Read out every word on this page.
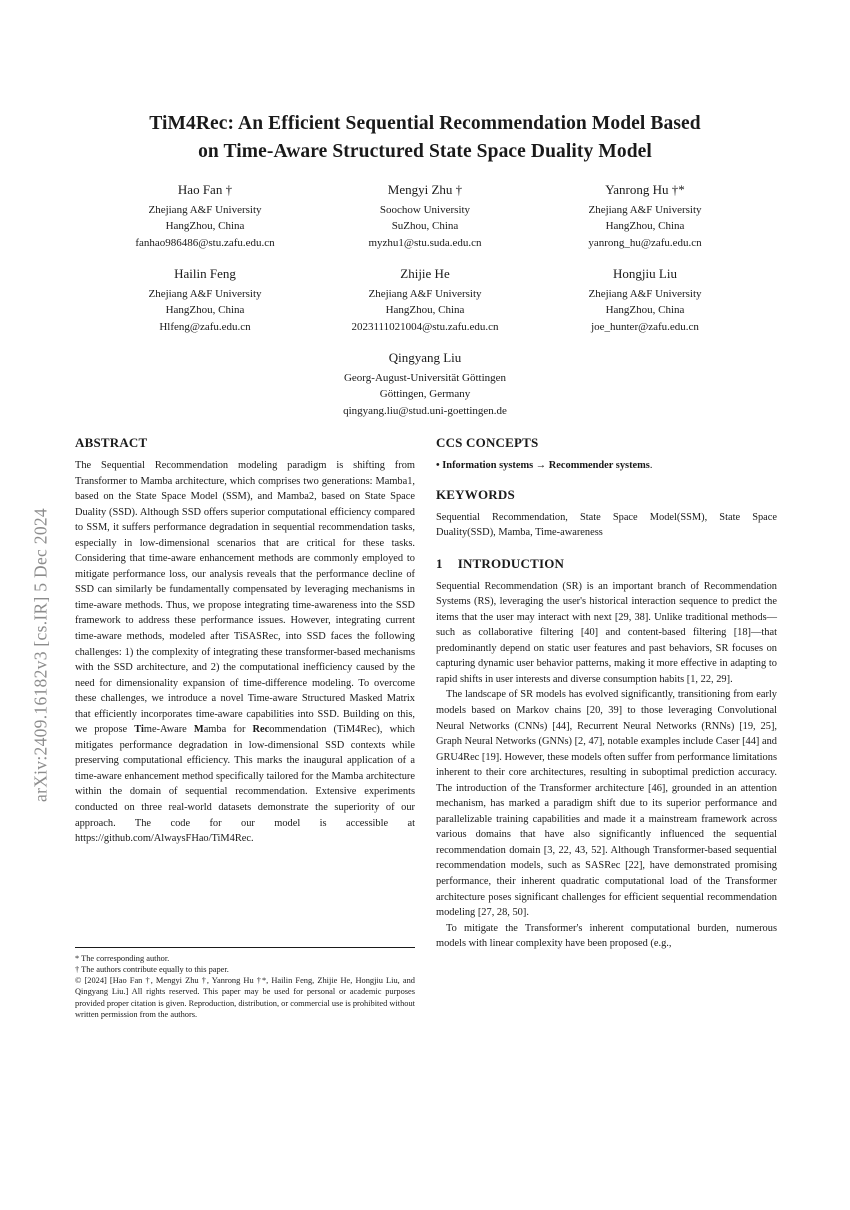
arXiv:2409.16182v3 [cs.IR] 5 Dec 2024
TiM4Rec: An Efficient Sequential Recommendation Model Based
on Time-Aware Structured State Space Duality Model
Hao Fan †
Zhejiang A&F University
HangZhou, China
fanhao986486@stu.zafu.edu.cn
Mengyi Zhu †
Soochow University
SuZhou, China
myzhu1@stu.suda.edu.cn
Yanrong Hu †*
Zhejiang A&F University
HangZhou, China
yanrong_hu@zafu.edu.cn
Hailin Feng
Zhejiang A&F University
HangZhou, China
Hlfeng@zafu.edu.cn
Zhijie He
Zhejiang A&F University
HangZhou, China
2023111021004@stu.zafu.edu.cn
Hongjiu Liu
Zhejiang A&F University
HangZhou, China
joe_hunter@zafu.edu.cn
Qingyang Liu
Georg-August-Universität Göttingen
Göttingen, Germany
qingyang.liu@stud.uni-goettingen.de
ABSTRACT
The Sequential Recommendation modeling paradigm is shifting from Transformer to Mamba architecture, which comprises two generations: Mamba1, based on the State Space Model (SSM), and Mamba2, based on State Space Duality (SSD). Although SSD offers superior computational efficiency compared to SSM, it suffers performance degradation in sequential recommendation tasks, especially in low-dimensional scenarios that are critical for these tasks. Considering that time-aware enhancement methods are commonly employed to mitigate performance loss, our analysis reveals that the performance decline of SSD can similarly be fundamentally compensated by leveraging mechanisms in time-aware methods. Thus, we propose integrating time-awareness into the SSD framework to address these performance issues. However, integrating current time-aware methods, modeled after TiSASRec, into SSD faces the following challenges: 1) the complexity of integrating these transformer-based mechanisms with the SSD architecture, and 2) the computational inefficiency caused by the need for dimensionality expansion of time-difference modeling. To overcome these challenges, we introduce a novel Time-aware Structured Masked Matrix that efficiently incorporates time-aware capabilities into SSD. Building on this, we propose Time-Aware Mamba for Recommendation (TiM4Rec), which mitigates performance degradation in low-dimensional SSD contexts while preserving computational efficiency. This marks the inaugural application of a time-aware enhancement method specifically tailored for the Mamba architecture within the domain of sequential recommendation. Extensive experiments conducted on three real-world datasets demonstrate the superiority of our approach. The code for our model is accessible at https://github.com/AlwaysFHao/TiM4Rec.
* The corresponding author.
† The authors contribute equally to this paper.
© [2024] [Hao Fan †, Mengyi Zhu †, Yanrong Hu †*, Hailin Feng, Zhijie He, Hongjiu Liu, and Qingyang Liu.] All rights reserved. This paper may be used for personal or academic purposes provided proper citation is given. Reproduction, distribution, or commercial use is prohibited without written permission from the authors.
CCS CONCEPTS
• Information systems → Recommender systems.
KEYWORDS
Sequential Recommendation, State Space Model(SSM), State Space Duality(SSD), Mamba, Time-awareness
1 INTRODUCTION

Sequential Recommendation (SR) is an important branch of Recommendation Systems (RS), leveraging the user's historical interaction sequence to predict the items that the user may interact with next [29, 38]. Unlike traditional methods—such as collaborative filtering [40] and content-based filtering [18]—that predominantly depend on static user features and past behaviors, SR focuses on capturing dynamic user behavior patterns, making it more effective in adapting to rapid shifts in user interests and diverse consumption habits [1, 22, 29].

The landscape of SR models has evolved significantly, transitioning from early models based on Markov chains [20, 39] to those leveraging Convolutional Neural Networks (CNNs) [44], Recurrent Neural Networks (RNNs) [19, 25], Graph Neural Networks (GNNs) [2, 47], notable examples include Caser [44] and GRU4Rec [19]. However, these models often suffer from performance limitations inherent to their core architectures, resulting in suboptimal prediction accuracy. The introduction of the Transformer architecture [46], grounded in an attention mechanism, has marked a paradigm shift due to its superior performance and parallelizable training capabilities and made it a mainstream framework across various domains that have also significantly influenced the sequential recommendation domain [3, 22, 43, 52]. Although Transformer-based sequential recommendation models, such as SASRec [22], have demonstrated promising performance, their inherent quadratic computational load of the Transformer architecture poses significant challenges for efficient sequential recommendation modeling [27, 28, 50].

To mitigate the Transformer's inherent computational burden, numerous models with linear complexity have been proposed (e.g.,
